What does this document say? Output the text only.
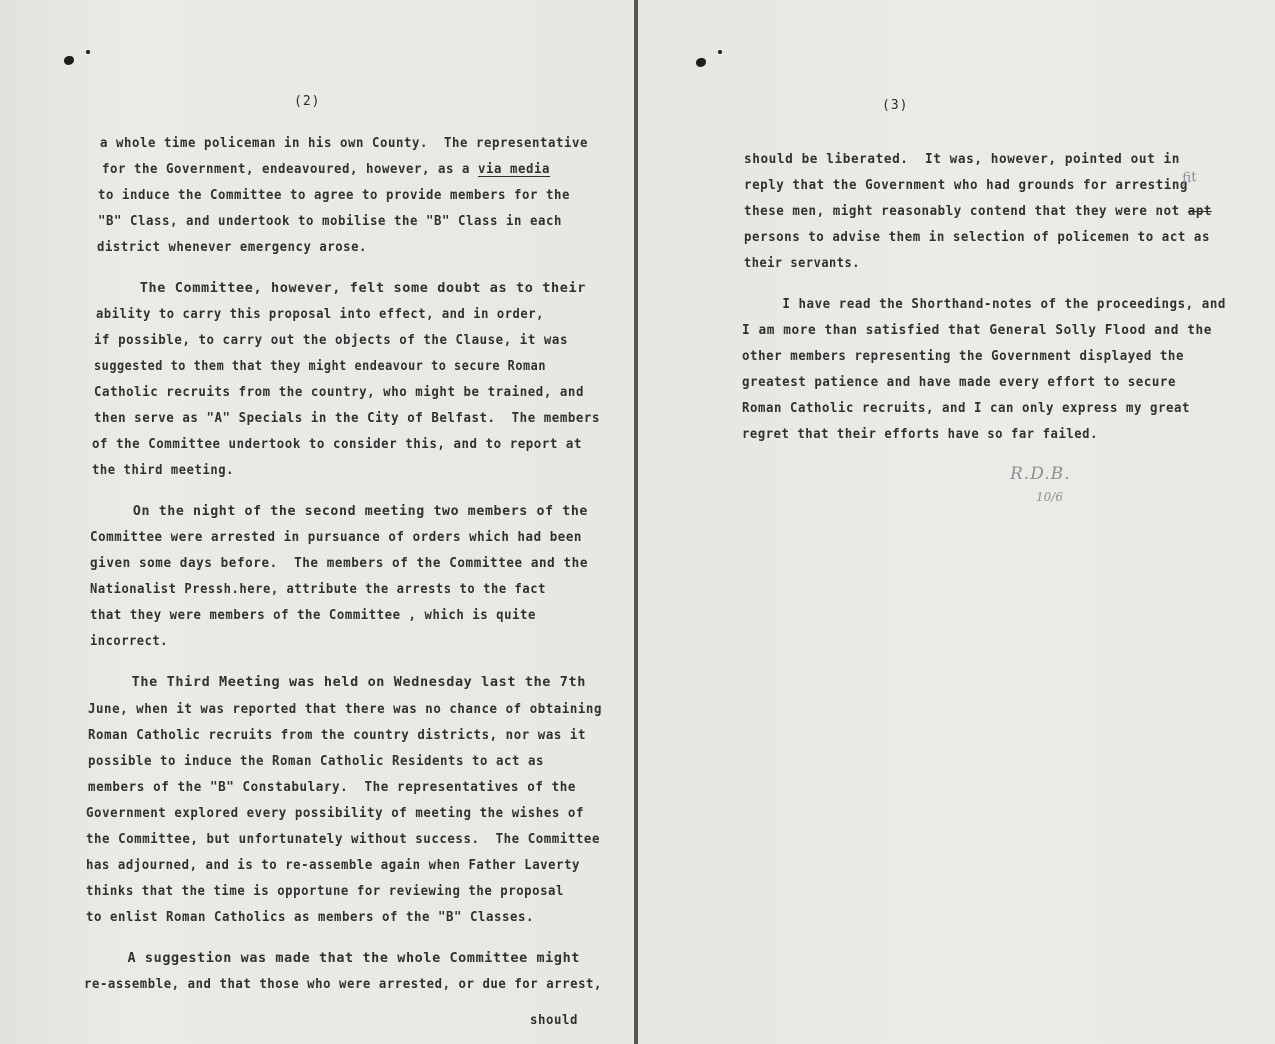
(2)
a whole time policeman in his own County.  The representative
for the Government, endeavoured, however, as a via media
to induce the Committee to agree to provide members for the
"B" Class, and undertook to mobilise the "B" Class in each
district whenever emergency arose.
The Committee, however, felt some doubt as to their
ability to carry this proposal into effect, and in order,
if possible, to carry out the objects of the Clause, it was
suggested to them that they might endeavour to secure Roman
Catholic recruits from the country, who might be trained, and
then serve as "A" Specials in the City of Belfast.  The members
of the Committee undertook to consider this, and to report at
the third meeting.
On the night of the second meeting two members of the
Committee were arrested in pursuance of orders which had been
given some days before.  The members of the Committee and the
Nationalist Pressh.here, attribute the arrests to the fact
that they were members of the Committee , which is quite
incorrect.
The Third Meeting was held on Wednesday last the 7th
June, when it was reported that there was no chance of obtaining
Roman Catholic recruits from the country districts, nor was it
possible to induce the Roman Catholic Residents to act as
members of the "B" Constabulary.  The representatives of the
Government explored every possibility of meeting the wishes of
the Committee, but unfortunately without success.  The Committee
has adjourned, and is to re-assemble again when Father Laverty
thinks that the time is opportune for reviewing the proposal
to enlist Roman Catholics as members of the "B" Classes.
A suggestion was made that the whole Committee might
re-assemble, and that those who were arrested, or due for arrest,
should
(3)
should be liberated.  It was, however, pointed out in
reply that the Government who had grounds for arresting
these men, might reasonably contend that they were not apt
persons to advise them in selection of policemen to act as
their servants.
I have read the Shorthand-notes of the proceedings, and
I am more than satisfied that General Solly Flood and the
other members representing the Government displayed the
greatest patience and have made every effort to secure
Roman Catholic recruits, and I can only express my great
regret that their efforts have so far failed.
fit
R.D.B.
10/6
